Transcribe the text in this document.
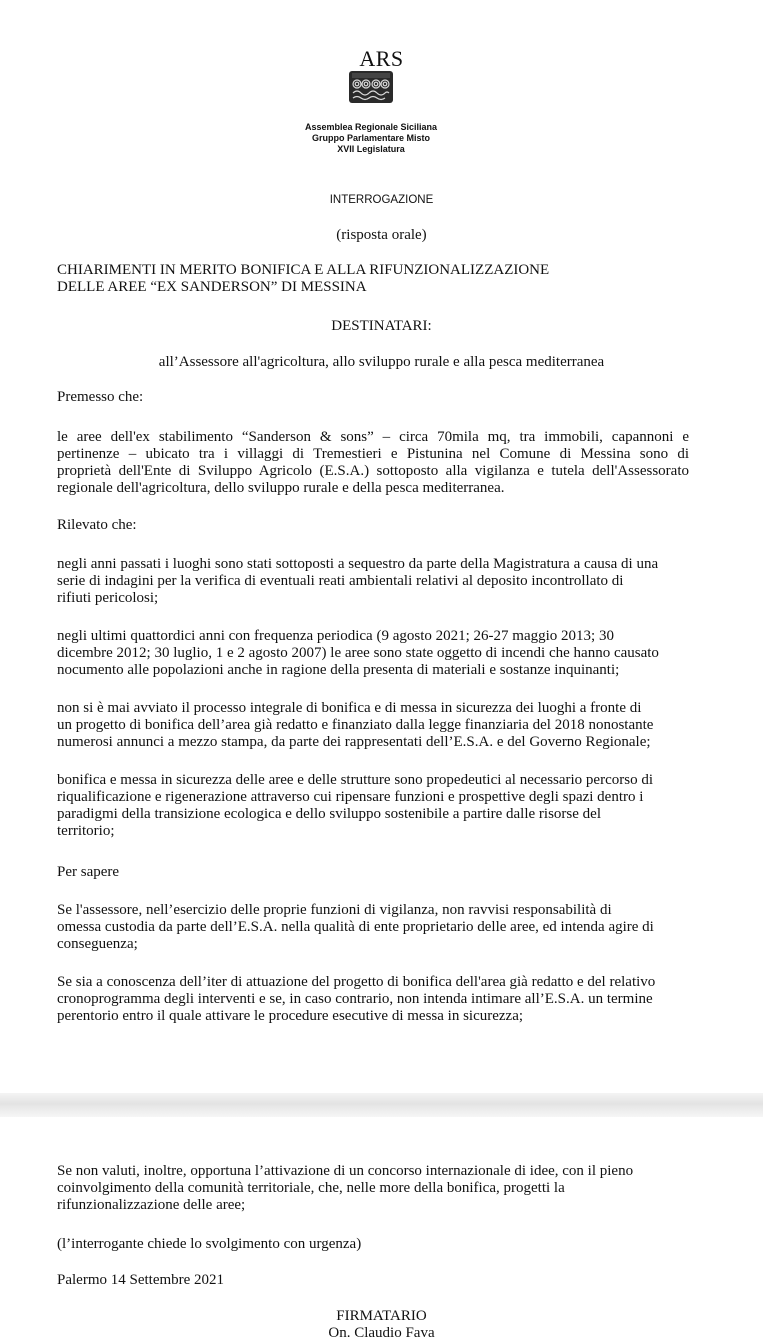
ARS
Assemblea Regionale Siciliana
Gruppo Parlamentare Misto
XVII Legislatura
INTERROGAZIONE
(risposta orale)
CHIARIMENTI IN MERITO BONIFICA E ALLA RIFUNZIONALIZZAZIONE
DELLE AREE “EX SANDERSON” DI MESSINA
DESTINATARI:
all’Assessore all'agricoltura, allo sviluppo rurale e alla pesca mediterranea
Premesso che:
le aree dell'ex stabilimento “Sanderson & sons” – circa 70mila mq, tra immobili, capannoni e
pertinenze – ubicato tra i villaggi di Tremestieri e Pistunina nel Comune di Messina sono di
proprietà dell'Ente di Sviluppo Agricolo (E.S.A.) sottoposto alla vigilanza e tutela dell'Assessorato
regionale dell'agricoltura, dello sviluppo rurale e della pesca mediterranea.
Rilevato che:
negli anni passati i luoghi sono stati sottoposti a sequestro da parte della Magistratura a causa di una
serie di indagini per la verifica di eventuali reati ambientali relativi al deposito incontrollato di
rifiuti pericolosi;
negli ultimi quattordici anni con frequenza periodica (9 agosto 2021; 26-27 maggio 2013; 30
dicembre 2012; 30 luglio, 1 e 2 agosto 2007) le aree sono state oggetto di incendi che hanno causato
nocumento alle popolazioni anche in ragione della presenta di materiali e sostanze inquinanti;
non si è mai avviato il processo integrale di bonifica e di messa in sicurezza dei luoghi a fronte di
un progetto di bonifica dell’area già redatto e finanziato dalla legge finanziaria del 2018 nonostante
numerosi annunci a mezzo stampa, da parte dei rappresentati dell’E.S.A. e del Governo Regionale;
bonifica e messa in sicurezza delle aree e delle strutture sono propedeutici al necessario percorso di
riqualificazione e rigenerazione attraverso cui ripensare funzioni e prospettive degli spazi dentro i
paradigmi della transizione ecologica e dello sviluppo sostenibile a partire dalle risorse del
territorio;
Per sapere
Se l'assessore, nell’esercizio delle proprie funzioni di vigilanza, non ravvisi responsabilità di
omessa custodia da parte dell’E.S.A. nella qualità di ente proprietario delle aree, ed intenda agire di
conseguenza;
Se sia a conoscenza dell’iter di attuazione del progetto di bonifica dell'area già redatto e del relativo
cronoprogramma degli interventi e se, in caso contrario, non intenda intimare all’E.S.A. un termine
perentorio entro il quale attivare le procedure esecutive di messa in sicurezza;
Se non valuti, inoltre, opportuna l’attivazione di un concorso internazionale di idee, con il pieno
coinvolgimento della comunità territoriale, che, nelle more della bonifica, progetti la
rifunzionalizzazione delle aree;
(l’interrogante chiede lo svolgimento con urgenza)
Palermo 14 Settembre 2021
FIRMATARIO
On. Claudio Fava
